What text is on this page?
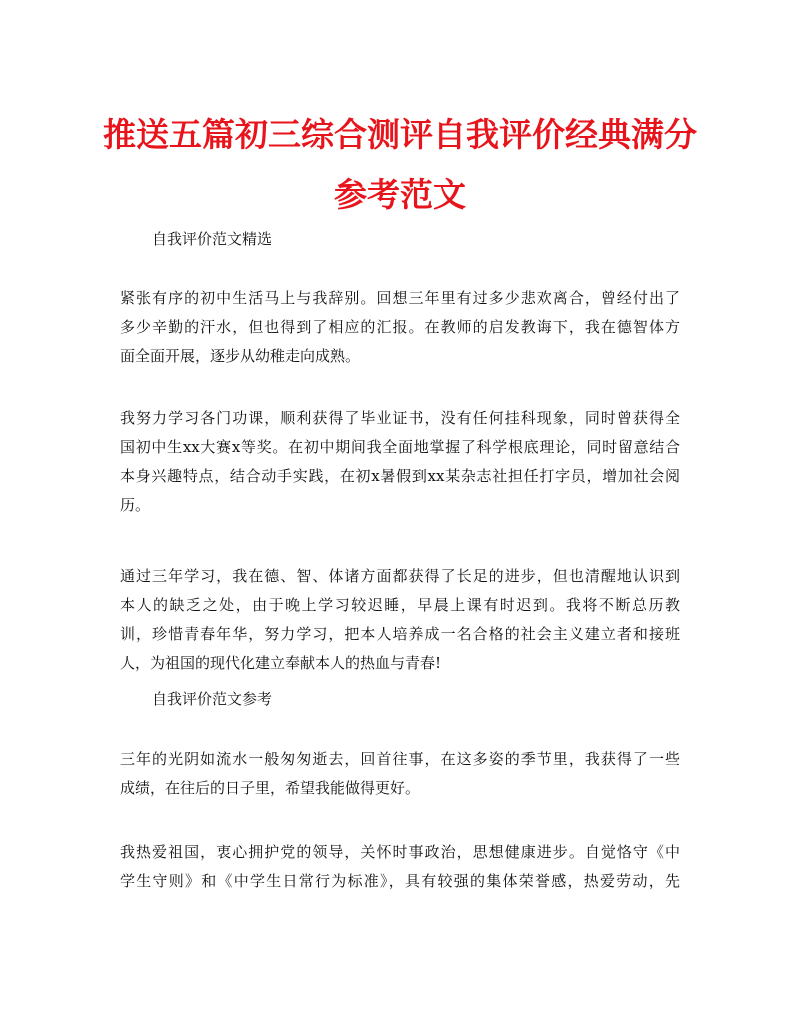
推送五篇初三综合测评自我评价经典满分
参考范文
自我评价范文精选
紧张有序的初中生活马上与我辞别。回想三年里有过多少悲欢离合，曾经付出了
多少辛勤的汗水，但也得到了相应的汇报。在教师的启发教诲下，我在德智体方
面全面开展，逐步从幼稚走向成熟。
我努力学习各门功课，顺利获得了毕业证书，没有任何挂科现象，同时曾获得全
国初中生xx大赛x等奖。在初中期间我全面地掌握了科学根底理论，同时留意结合
本身兴趣特点，结合动手实践，在初x暑假到xx某杂志社担任打字员，增加社会阅
历。
通过三年学习，我在德、智、体诸方面都获得了长足的进步，但也清醒地认识到
本人的缺乏之处，由于晚上学习较迟睡，早晨上课有时迟到。我将不断总历教
训，珍惜青春年华，努力学习，把本人培养成一名合格的社会主义建立者和接班
人，为祖国的现代化建立奉献本人的热血与青春!
自我评价范文参考
三年的光阴如流水一般匆匆逝去，回首往事，在这多姿的季节里，我获得了一些
成绩，在往后的日子里，希望我能做得更好。
我热爱祖国，衷心拥护党的领导，关怀时事政治，思想健康进步。自觉恪守《中
学生守则》和《中学生日常行为标准》，具有较强的集体荣誉感，热爱劳动，先
